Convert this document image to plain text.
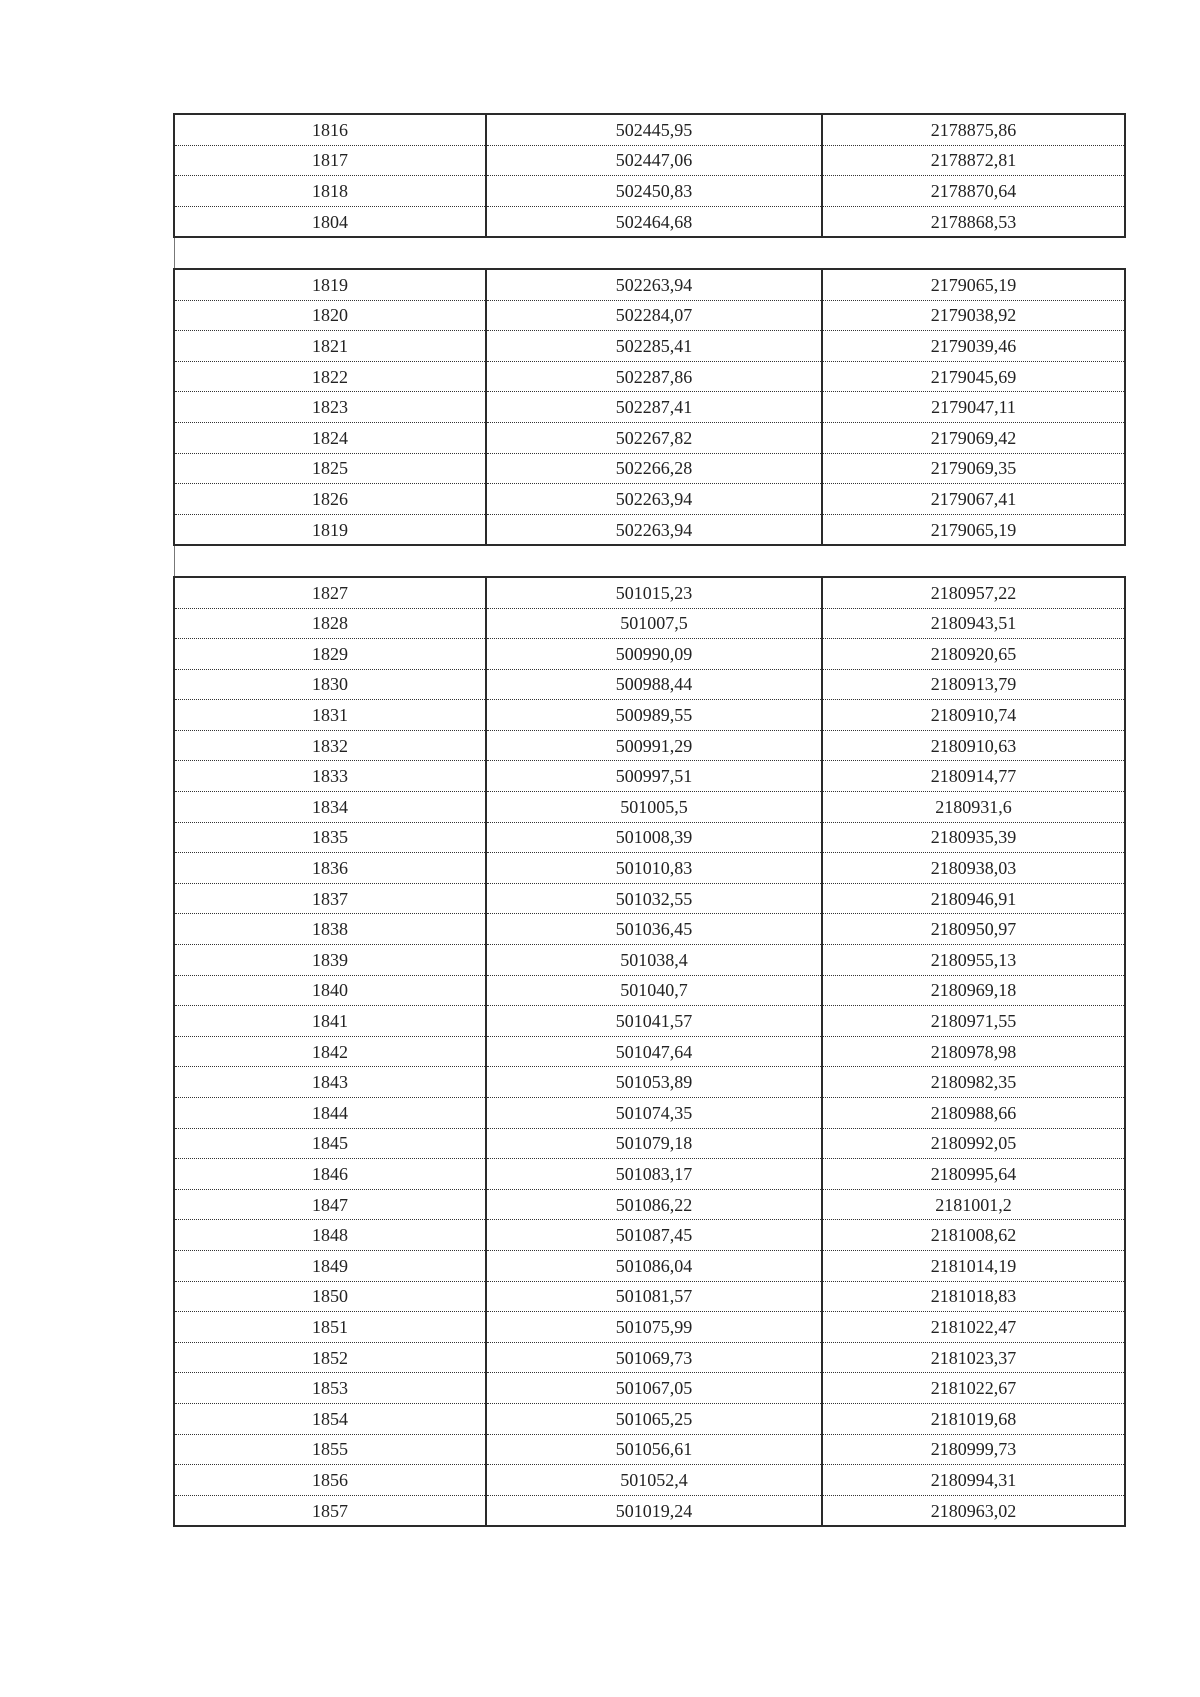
1816	502445,95	2178875,86
1817	502447,06	2178872,81
1818	502450,83	2178870,64
1804	502464,68	2178868,53

1819	502263,94	2179065,19
1820	502284,07	2179038,92
1821	502285,41	2179039,46
1822	502287,86	2179045,69
1823	502287,41	2179047,11
1824	502267,82	2179069,42
1825	502266,28	2179069,35
1826	502263,94	2179067,41
1819	502263,94	2179065,19

1827	501015,23	2180957,22
1828	501007,5	2180943,51
1829	500990,09	2180920,65
1830	500988,44	2180913,79
1831	500989,55	2180910,74
1832	500991,29	2180910,63
1833	500997,51	2180914,77
1834	501005,5	2180931,6
1835	501008,39	2180935,39
1836	501010,83	2180938,03
1837	501032,55	2180946,91
1838	501036,45	2180950,97
1839	501038,4	2180955,13
1840	501040,7	2180969,18
1841	501041,57	2180971,55
1842	501047,64	2180978,98
1843	501053,89	2180982,35
1844	501074,35	2180988,66
1845	501079,18	2180992,05
1846	501083,17	2180995,64
1847	501086,22	2181001,2
1848	501087,45	2181008,62
1849	501086,04	2181014,19
1850	501081,57	2181018,83
1851	501075,99	2181022,47
1852	501069,73	2181023,37
1853	501067,05	2181022,67
1854	501065,25	2181019,68
1855	501056,61	2180999,73
1856	501052,4	2180994,31
1857	501019,24	2180963,02
